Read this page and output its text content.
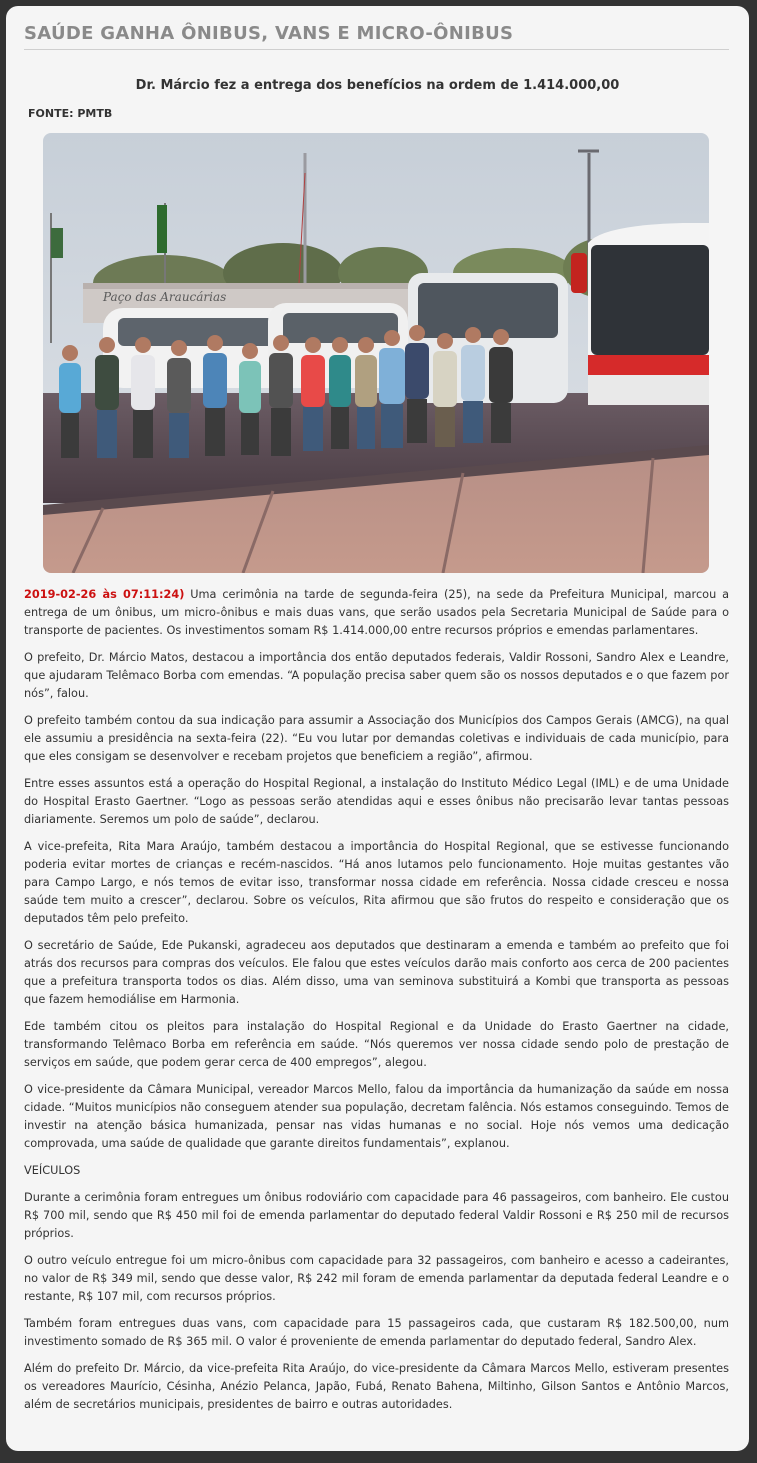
SAÚDE GANHA ÔNIBUS, VANS E MICRO-ÔNIBUS
Dr. Márcio fez a entrega dos benefícios na ordem de 1.414.000,00
FONTE: PMTB
Paço das Araucárias

2019-02-26 às 07:11:24) Uma cerimônia na tarde de segunda-feira (25), na sede da Prefeitura Municipal, marcou a entrega de um ônibus, um micro-ônibus e mais duas vans, que serão usados pela Secretaria Municipal de Saúde para o transporte de pacientes. Os investimentos somam R$ 1.414.000,00 entre recursos próprios e emendas parlamentares.

O prefeito, Dr. Márcio Matos, destacou a importância dos então deputados federais, Valdir Rossoni, Sandro Alex e Leandre, que ajudaram Telêmaco Borba com emendas. “A população precisa saber quem são os nossos deputados e o que fazem por nós”, falou.

O prefeito também contou da sua indicação para assumir a Associação dos Municípios dos Campos Gerais (AMCG), na qual ele assumiu a presidência na sexta-feira (22). “Eu vou lutar por demandas coletivas e individuais de cada município, para que eles consigam se desenvolver e recebam projetos que beneficiem a região”, afirmou.

Entre esses assuntos está a operação do Hospital Regional, a instalação do Instituto Médico Legal (IML) e de uma Unidade do Hospital Erasto Gaertner. “Logo as pessoas serão atendidas aqui e esses ônibus não precisarão levar tantas pessoas diariamente. Seremos um polo de saúde”, declarou.

A vice-prefeita, Rita Mara Araújo, também destacou a importância do Hospital Regional, que se estivesse funcionando poderia evitar mortes de crianças e recém-nascidos. “Há anos lutamos pelo funcionamento. Hoje muitas gestantes vão para Campo Largo, e nós temos de evitar isso, transformar nossa cidade em referência. Nossa cidade cresceu e nossa saúde tem muito a crescer”, declarou. Sobre os veículos, Rita afirmou que são frutos do respeito e consideração que os deputados têm pelo prefeito.

O secretário de Saúde, Ede Pukanski, agradeceu aos deputados que destinaram a emenda e também ao prefeito que foi atrás dos recursos para compras dos veículos. Ele falou que estes veículos darão mais conforto aos cerca de 200 pacientes que a prefeitura transporta todos os dias. Além disso, uma van seminova substituirá a Kombi que transporta as pessoas que fazem hemodiálise em Harmonia.

Ede também citou os pleitos para instalação do Hospital Regional e da Unidade do Erasto Gaertner na cidade, transformando Telêmaco Borba em referência em saúde. “Nós queremos ver nossa cidade sendo polo de prestação de serviços em saúde, que podem gerar cerca de 400 empregos”, alegou.

O vice-presidente da Câmara Municipal, vereador Marcos Mello, falou da importância da humanização da saúde em nossa cidade. “Muitos municípios não conseguem atender sua população, decretam falência. Nós estamos conseguindo. Temos de investir na atenção básica humanizada, pensar nas vidas humanas e no social. Hoje nós vemos uma dedicação comprovada, uma saúde de qualidade que garante direitos fundamentais”, explanou.

VEÍCULOS

Durante a cerimônia foram entregues um ônibus rodoviário com capacidade para 46 passageiros, com banheiro. Ele custou R$ 700 mil, sendo que R$ 450 mil foi de emenda parlamentar do deputado federal Valdir Rossoni e R$ 250 mil de recursos próprios.

O outro veículo entregue foi um micro-ônibus com capacidade para 32 passageiros, com banheiro e acesso a cadeirantes, no valor de R$ 349 mil, sendo que desse valor, R$ 242 mil foram de emenda parlamentar da deputada federal Leandre e o restante, R$ 107 mil, com recursos próprios.

Também foram entregues duas vans, com capacidade para 15 passageiros cada, que custaram R$ 182.500,00, num investimento somado de R$ 365 mil. O valor é proveniente de emenda parlamentar do deputado federal, Sandro Alex.

Além do prefeito Dr. Márcio, da vice-prefeita Rita Araújo, do vice-presidente da Câmara Marcos Mello, estiveram presentes os vereadores Maurício, Césinha, Anézio Pelanca, Japão, Fubá, Renato Bahena, Miltinho, Gilson Santos e Antônio Marcos, além de secretários municipais, presidentes de bairro e outras autoridades.
